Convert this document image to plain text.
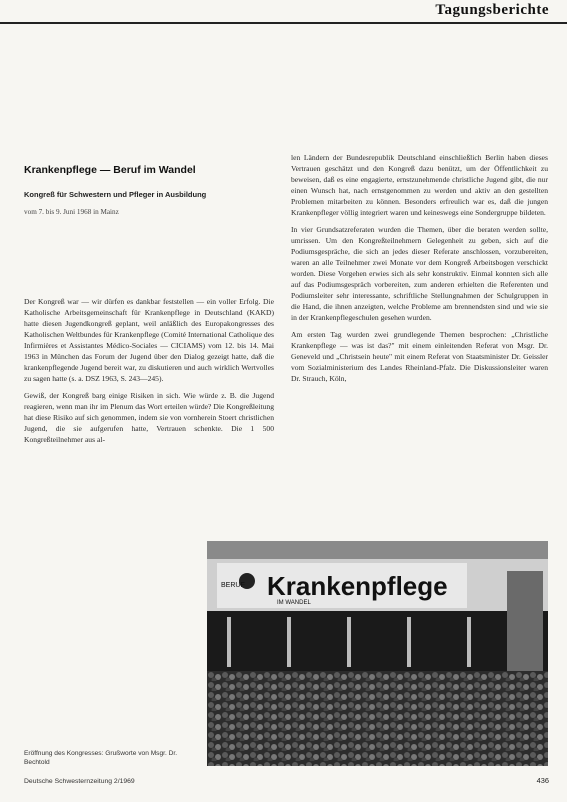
Tagungsberichte
Krankenpflege — Beruf im Wandel
Kongreß für Schwestern und Pfleger in Ausbildung
vom 7. bis 9. Juni 1968 in Mainz

Der Kongreß war — wir dürfen es dankbar feststellen — ein voller Erfolg. Die Katholische Arbeitsgemeinschaft für Krankenpflege in Deutschland (KAKD) hatte diesen Jugendkongreß geplant, weil anläßlich des Europakongresses des Katholischen Weltbundes für Krankenpflege (Comité International Catholique des Infirmières et Assistantes Médico-Sociales — CICIAMS) vom 12. bis 14. Mai 1963 in München das Forum der Jugend über den Dialog gezeigt hatte, daß die krankenpflegende Jugend bereit war, zu diskutieren und auch wirklich Wertvolles zu sagen hatte (s. a. DSZ 1963, S. 243—245).

Gewiß, der Kongreß barg einige Risiken in sich. Wie würde z. B. die Jugend reagieren, wenn man ihr im Plenum das Wort erteilen würde? Die Kongreßleitung hat diese Risiko auf sich genommen, indem sie von vornherein Stoert christlichen Jugend, die sie aufgerufen hatte, Vertrauen schenkte. Die 1 500 Kongreßteilnehmer aus al-

len Ländern der Bundesrepublik Deutschland einschließlich Berlin haben dieses Vertrauen geschätzt und den Kongreß dazu benützt, um der Öffentlichkeit zu beweisen, daß es eine engagierte, ernstzunehmende christliche Jugend gibt, die nur einen Wunsch hat, nach ernstgenommen zu werden und aktiv an den gestellten Problemen mitarbeiten zu können. Besonders erfreulich war es, daß die jungen Krankenpfleger völlig integriert waren und keineswegs eine Sondergruppe bildeten.

In vier Grundsatzreferaten wurden die Themen, über die beraten werden sollte, umrissen. Um den Kongreßteilnehmern Gelegenheit zu geben, sich auf die Podiumsgespräche, die sich an jedes dieser Referate anschlossen, vorzubereiten, waren an alle Teilnehmer zwei Monate vor dem Kongreß Arbeitsbogen verschickt worden. Diese Vorgehen erwies sich als sehr konstruktiv. Einmal konnten sich alle auf das Podiumsgespräch vorbereiten, zum anderen erhielten die Referenten und Podiumsleiter sehr interessante, schriftliche Stellungnahmen der Schulgruppen in die Hand, die ihnen anzeigten, welche Probleme am brennendsten sind und wie sie in der Krankenpflegeschulen gesehen wurden.

Am ersten Tag wurden zwei grundlegende Themen besprochen: „Christliche Krankenpflege — was ist das?" mit einem einleitenden Referat von Msgr. Dr. Geneveld und „Christsein heute" mit einem Referat von Staatsminister Dr. Geissler vom Sozialministerium des Landes Rheinland-Pfalz. Die Diskussionsleiter waren Dr. Strauch, Köln,

BERUF Krankenpflege
IM WANDEL
Eröffnung des Kongresses: Grußworte von Msgr. Dr. Bechtold
Deutsche Schwesternzeitung 2/1969	436
